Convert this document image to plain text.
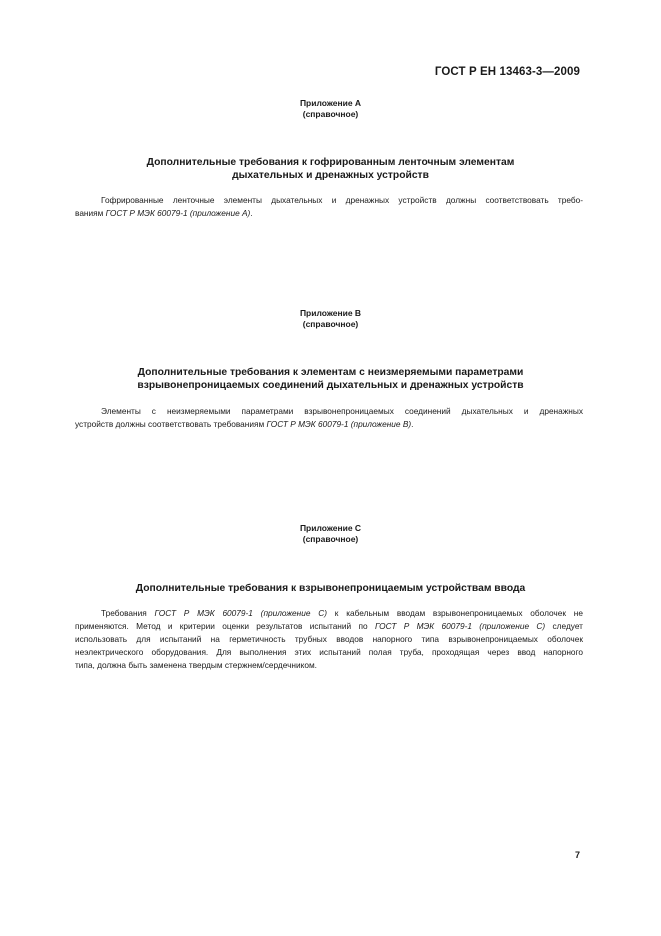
ГОСТ Р ЕН 13463-3—2009
Приложение А
(справочное)
Дополнительные требования к гофрированным ленточным элементам
дыхательных и дренажных устройств
Гофрированные ленточные элементы дыхательных и дренажных устройств должны соответствовать требо-
ваниям ГОСТ Р МЭК 60079-1 (приложение А).
Приложение В
(справочное)
Дополнительные требования к элементам с неизмеряемыми параметрами
взрывонепроницаемых соединений дыхательных и дренажных устройств
Элементы с неизмеряемыми параметрами взрывонепроницаемых соединений дыхательных и дренажных
устройств должны соответствовать требованиям ГОСТ Р МЭК 60079-1 (приложение В).
Приложение С
(справочное)
Дополнительные требования к взрывонепроницаемым устройствам ввода
Требования ГОСТ Р МЭК 60079-1 (приложение С) к кабельным вводам взрывонепроницаемых оболочек не
применяются. Метод и критерии оценки результатов испытаний по ГОСТ Р МЭК 60079-1 (приложение С) следует
использовать для испытаний на герметичность трубных вводов напорного типа взрывонепроницаемых оболочек
неэлектрического оборудования. Для выполнения этих испытаний полая труба, проходящая через ввод напорного
типа, должна быть заменена твердым стержнем/сердечником.
7
